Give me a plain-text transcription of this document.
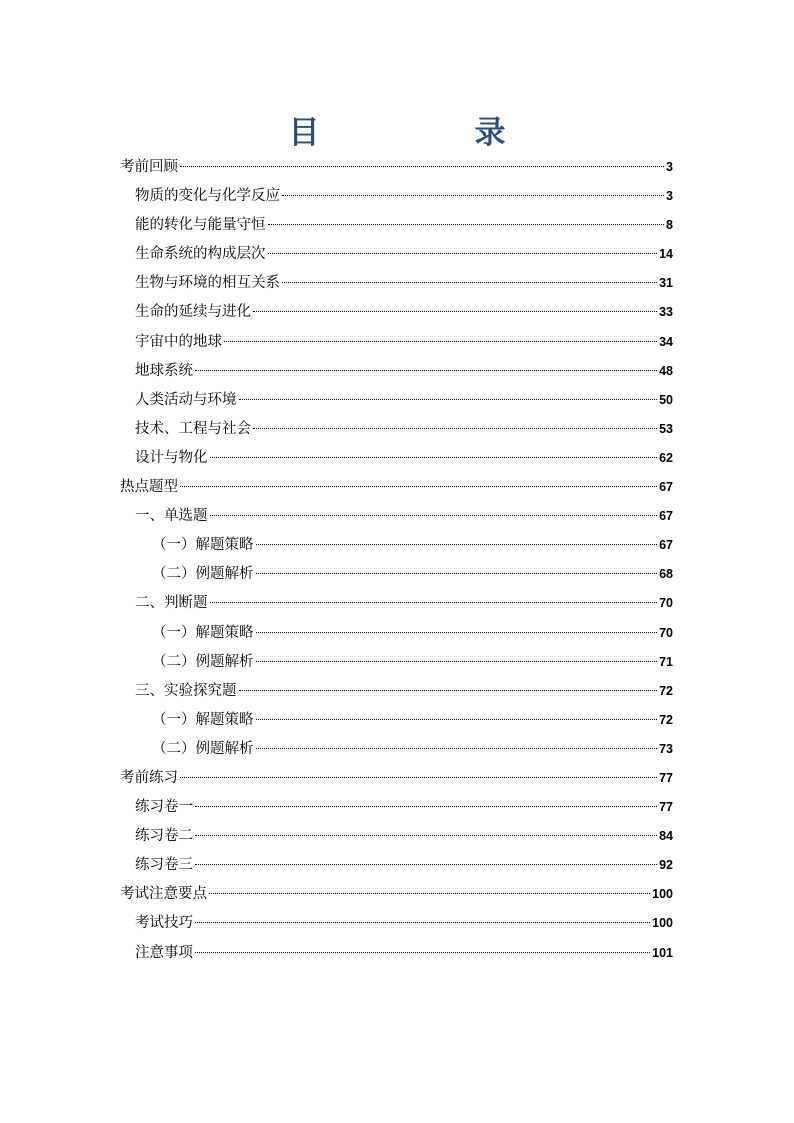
目　录
考前回顾	3
物质的变化与化学反应	3
能的转化与能量守恒	8
生命系统的构成层次	14
生物与环境的相互关系	31
生命的延续与进化	33
宇宙中的地球	34
地球系统	48
人类活动与环境	50
技术、工程与社会	53
设计与物化	62
热点题型	67
一、单选题	67
（一）解题策略	67
（二）例题解析	68
二、判断题	70
（一）解题策略	70
（二）例题解析	71
三、实验探究题	72
（一）解题策略	72
（二）例题解析	73
考前练习	77
练习卷一	77
练习卷二	84
练习卷三	92
考试注意要点	100
考试技巧	100
注意事项	101
